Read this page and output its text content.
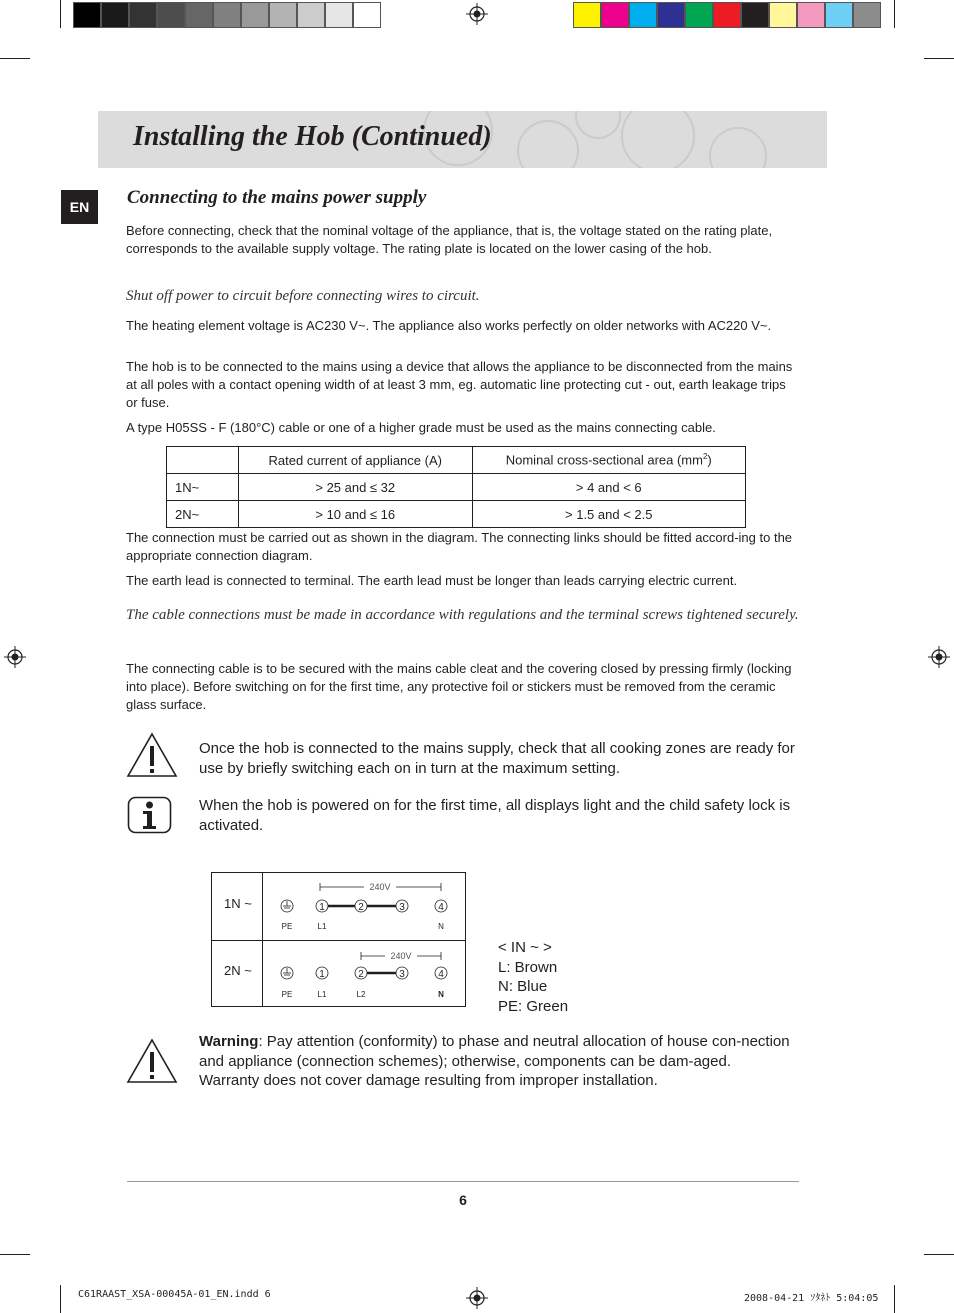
Installing the Hob (Continued)
EN	Connecting to the mains power supply
Before connecting, check that the nominal voltage of the appliance, that is, the voltage stated on the rating plate, corresponds to the available supply voltage. The rating plate is located on the lower casing of the hob.
Shut off power to circuit before connecting wires to circuit.
The heating element voltage is AC230 V~. The appliance also works perfectly on older networks with AC220 V~.
The hob is to be connected to the mains using a device that allows the appliance to be disconnected from the mains at all poles with a contact opening width of at least 3 mm, eg. automatic line protecting cut - out, earth leakage trips or fuse.
A type H05SS - F (180°C) cable or one of a higher grade must be used as the mains connecting cable.
	Rated current of appliance (A)	Nominal cross-sectional area $(mm^2)$
1N~	> 25 and ≤ 32	> 4 and < 6
2N~	> 10 and ≤ 16	> 1.5 and < 2.5
The connection must be carried out as shown in the diagram. The connecting links should be fitted accord-ing to the appropriate connection diagram.
The earth lead is connected to terminal. The earth lead must be longer than leads carrying electric current.
The cable connections must be made in accordance with regulations and the terminal screws tightened securely.
The connecting cable is to be secured with the mains cable cleat and the covering closed by pressing firmly (locking into place). Before switching on for the first time, any protective foil or stickers must be removed from the ceramic glass surface.
Once the hob is connected to the mains supply, check that all cooking zones are ready for use by briefly switching each on in turn at the maximum setting.
When the hob is powered on for the first time, all displays light and the child safety lock is activated.
1N ~
2N ~
240V
1	2	3	4
PE	L1	N
240V
1	2	3	4
PE	L1	L2	N
< IN ~ >
L: Brown
N: Blue
PE: Green
Warning: Pay attention (conformity) to phase and neutral allocation of house con-nection and appliance (connection schemes); otherwise, components can be dam-aged.
Warranty does not cover damage resulting from improper installation.
6
C61RAAST_XSA-00045A-01_EN.indd 6	2008-04-21 ｿﾀﾈﾄ 5:04:05
